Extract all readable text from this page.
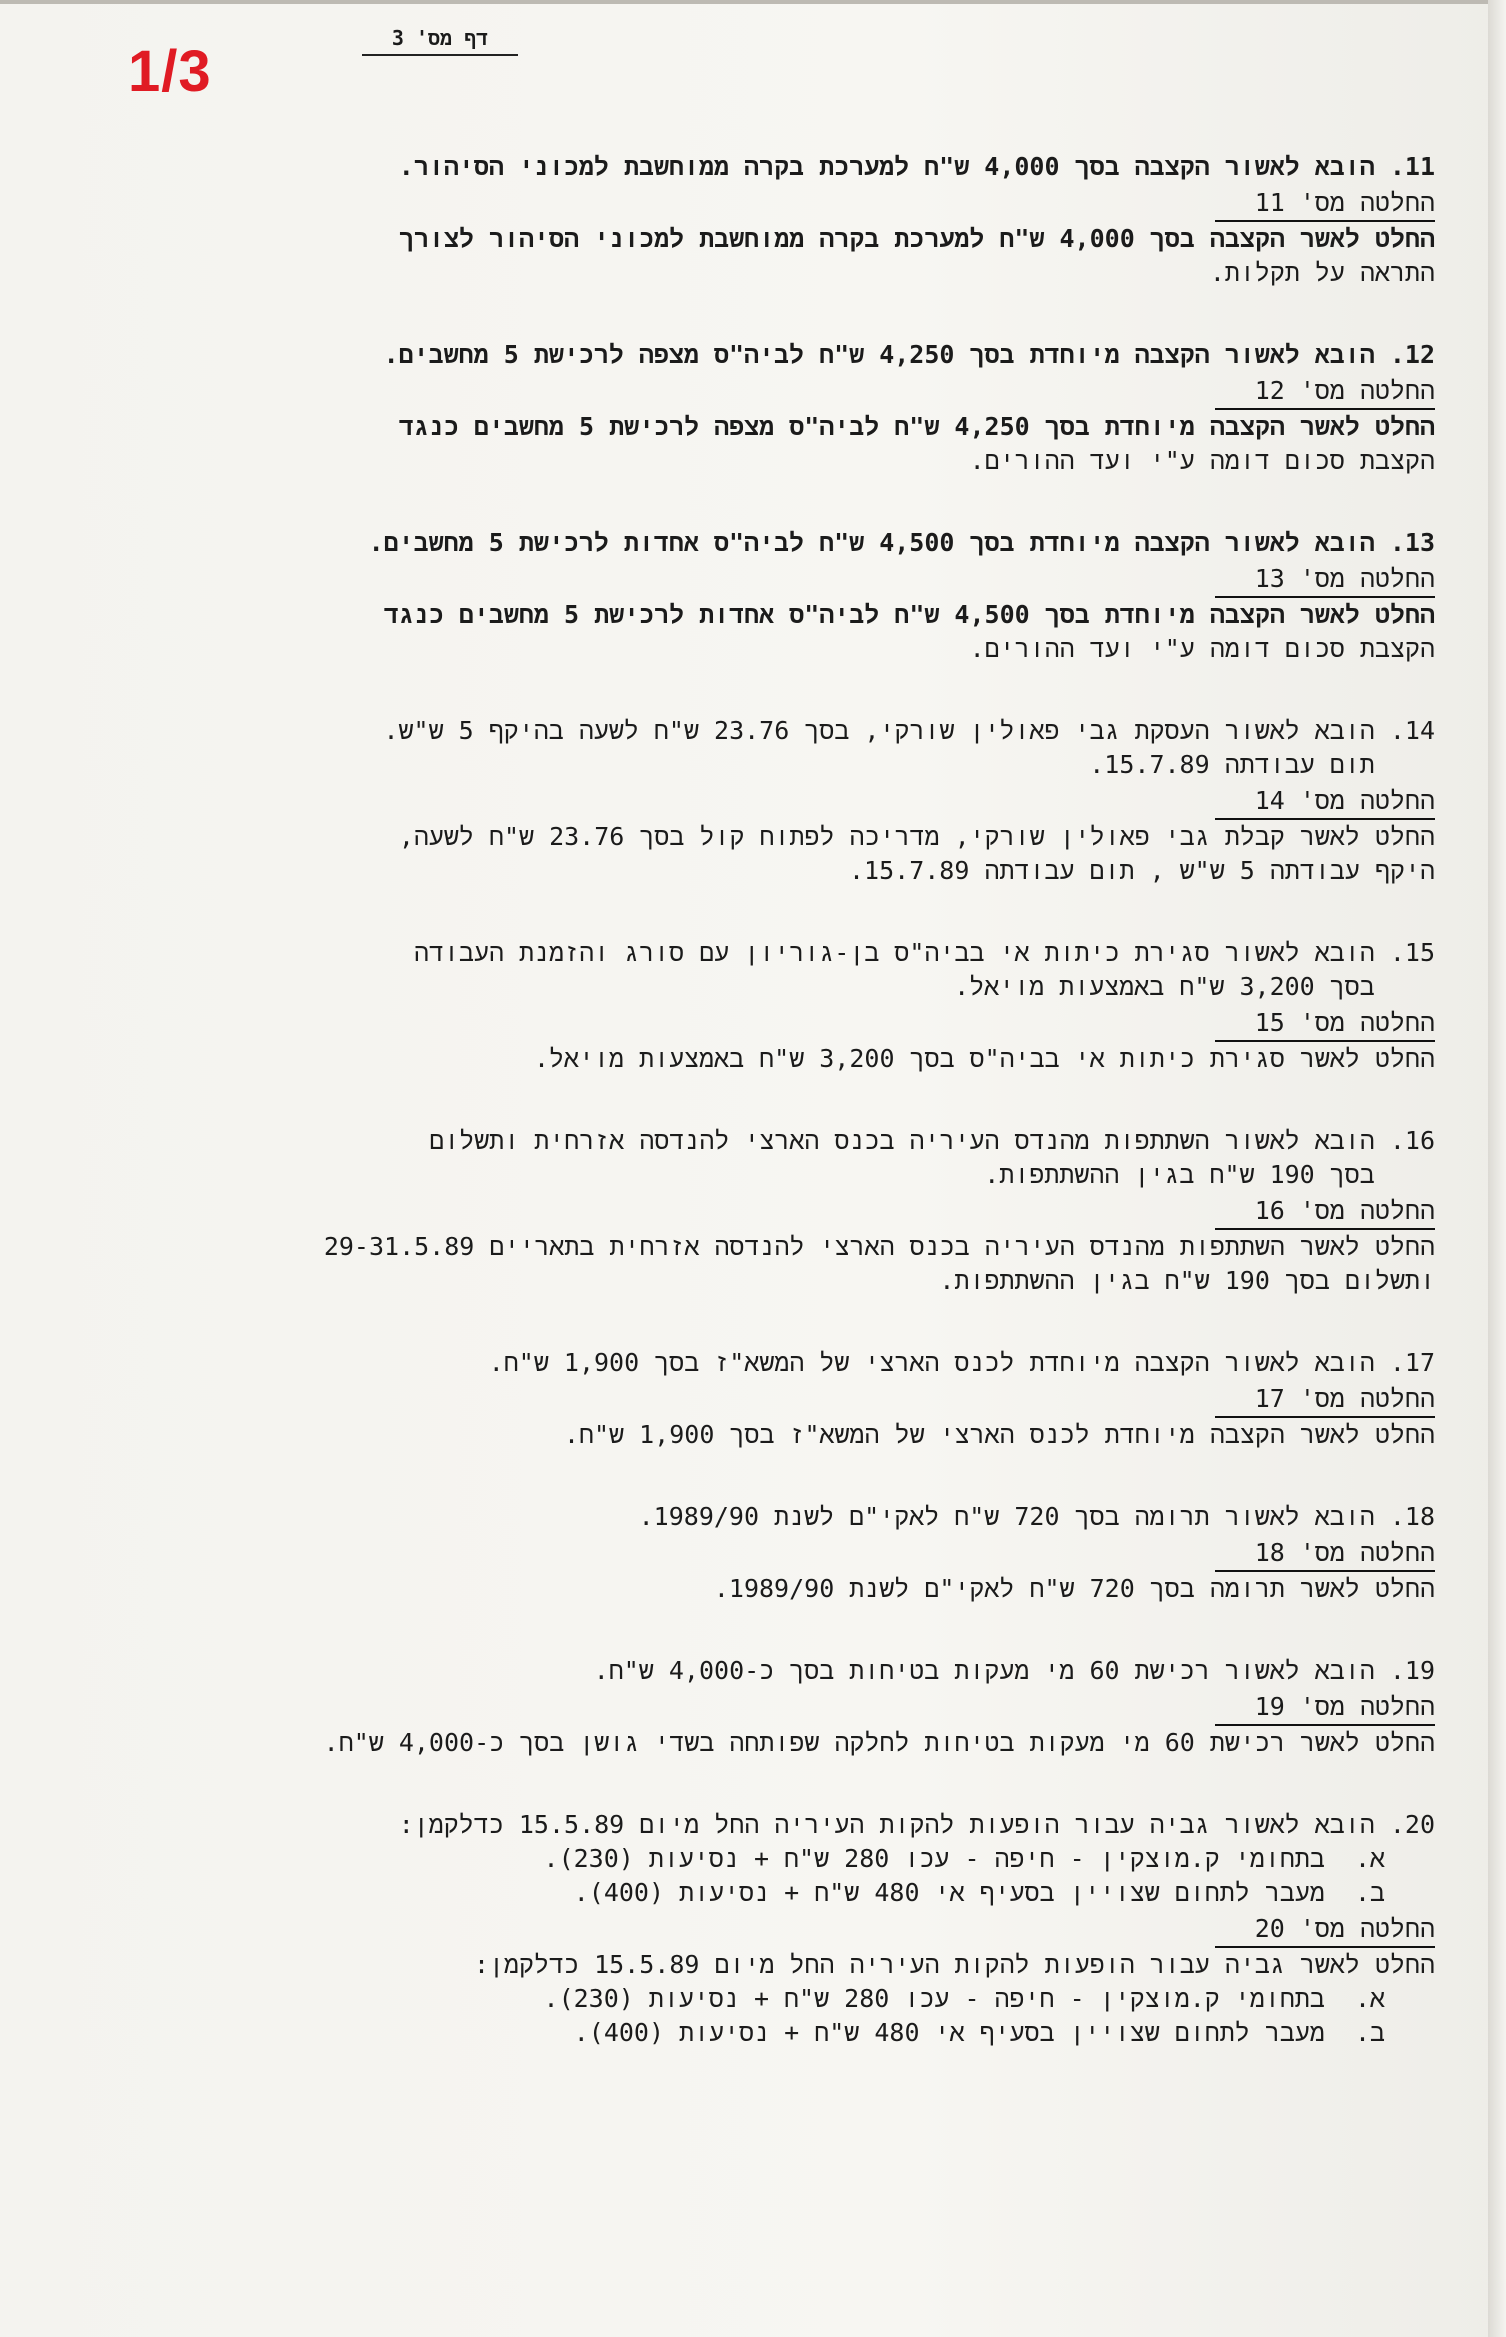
1/3
דף מס' 3
11. הובא לאשור הקצבה בסך 4,000 ש"ח למערכת בקרה ממוחשבת למכוני הסיהור.
החלטה מס' 11
החלט לאשר הקצבה בסך 4,000 ש"ח למערכת בקרה ממוחשבת למכוני הסיהור לצורך
התראה על תקלות.
12. הובא לאשור הקצבה מיוחדת בסך 4,250 ש"ח לביה"ס מצפה לרכישת 5 מחשבים.
החלטה מס' 12
החלט לאשר הקצבה מיוחדת בסך 4,250 ש"ח לביה"ס מצפה לרכישת 5 מחשבים כנגד
הקצבת סכום דומה ע"י ועד ההורים.
13. הובא לאשור הקצבה מיוחדת בסך 4,500 ש"ח לביה"ס אחדות לרכישת 5 מחשבים.
החלטה מס' 13
החלט לאשר הקצבה מיוחדת בסך 4,500 ש"ח לביה"ס אחדות לרכישת 5 מחשבים כנגד
הקצבת סכום דומה ע"י ועד ההורים.
14. הובא לאשור העסקת גבי פאולין שורקי, בסך 23.76 ש"ח לשעה בהיקף 5 ש"ש.
תום עבודתה 15.7.89.
החלטה מס' 14
החלט לאשר קבלת גבי פאולין שורקי, מדריכה לפתוח קול בסך 23.76 ש"ח לשעה,
היקף עבודתה 5 ש"ש , תום עבודתה 15.7.89.
15. הובא לאשור סגירת כיתות אי בביה"ס בן-גוריון עם סורג והזמנת העבודה
בסך 3,200 ש"ח באמצעות מויאל.
החלטה מס' 15
החלט לאשר סגירת כיתות אי בביה"ס בסך 3,200 ש"ח באמצעות מויאל.
16. הובא לאשור השתתפות מהנדס העיריה בכנס הארצי להנדסה אזרחית ותשלום
בסך 190 ש"ח בגין ההשתתפות.
החלטה מס' 16
החלט לאשר השתתפות מהנדס העיריה בכנס הארצי להנדסה אזרחית בתאריים 29-31.5.89
ותשלום בסך 190 ש"ח בגין ההשתתפות.
17. הובא לאשור הקצבה מיוחדת לכנס הארצי של המשא"ז בסך 1,900 ש"ח.
החלטה מס' 17
החלט לאשר הקצבה מיוחדת לכנס הארצי של המשא"ז בסך 1,900 ש"ח.
18. הובא לאשור תרומה בסך 720 ש"ח לאקי"ם לשנת 1989/90.
החלטה מס' 18
החלט לאשר תרומה בסך 720 ש"ח לאקי"ם לשנת 1989/90.
19. הובא לאשור רכישת 60 מי מעקות בטיחות בסך כ-4,000 ש"ח.
החלטה מס' 19
החלט לאשר רכישת 60 מי מעקות בטיחות לחלקה שפותחה בשדי גושן בסך כ-4,000 ש"ח.
20. הובא לאשור גביה עבור הופעות להקות העיריה החל מיום 15.5.89 כדלקמן:
א.  בתחומי ק.מוצקין - חיפה - עכו 280 ש"ח + נסיעות (230).
ב.  מעבר לתחום שצויין בסעיף אי 480 ש"ח + נסיעות (400).
החלטה מס' 20
החלט לאשר גביה עבור הופעות להקות העיריה החל מיום 15.5.89 כדלקמן:
א.  בתחומי ק.מוצקין - חיפה - עכו 280 ש"ח + נסיעות (230).
ב.  מעבר לתחום שצויין בסעיף אי 480 ש"ח + נסיעות (400).
